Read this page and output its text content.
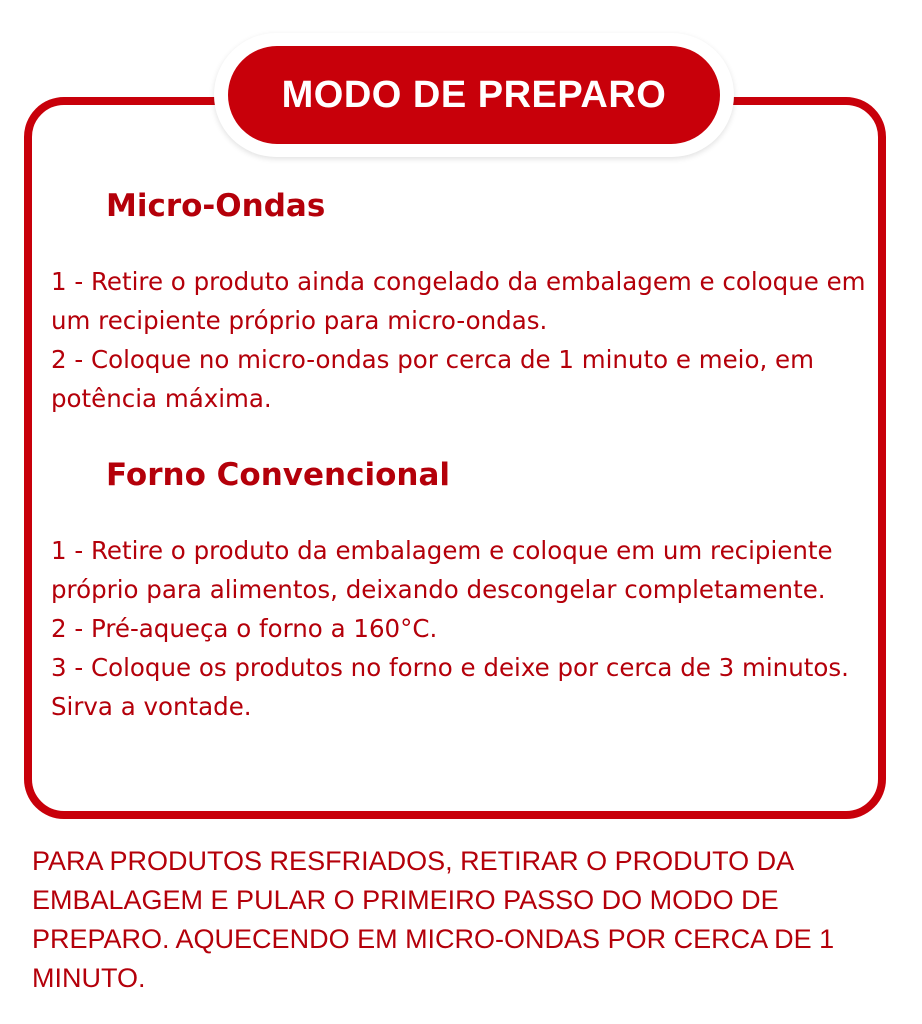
MODO DE PREPARO
Micro-Ondas
1 - Retire o produto ainda congelado da embalagem e coloque em um recipiente próprio para micro-ondas.
2 - Coloque no micro-ondas por cerca de 1 minuto e meio, em potência máxima.
Forno Convencional
1 - Retire o produto da embalagem e coloque em um recipiente próprio para alimentos, deixando descongelar completamente.
2 - Pré-aqueça o forno a 160°C.
3 - Coloque os produtos no forno e deixe por cerca de 3 minutos. Sirva a vontade.

PARA PRODUTOS RESFRIADOS, RETIRAR O PRODUTO DA EMBALAGEM E PULAR O PRIMEIRO PASSO DO MODO DE PREPARO. AQUECENDO EM MICRO-ONDAS POR CERCA DE 1 MINUTO.
